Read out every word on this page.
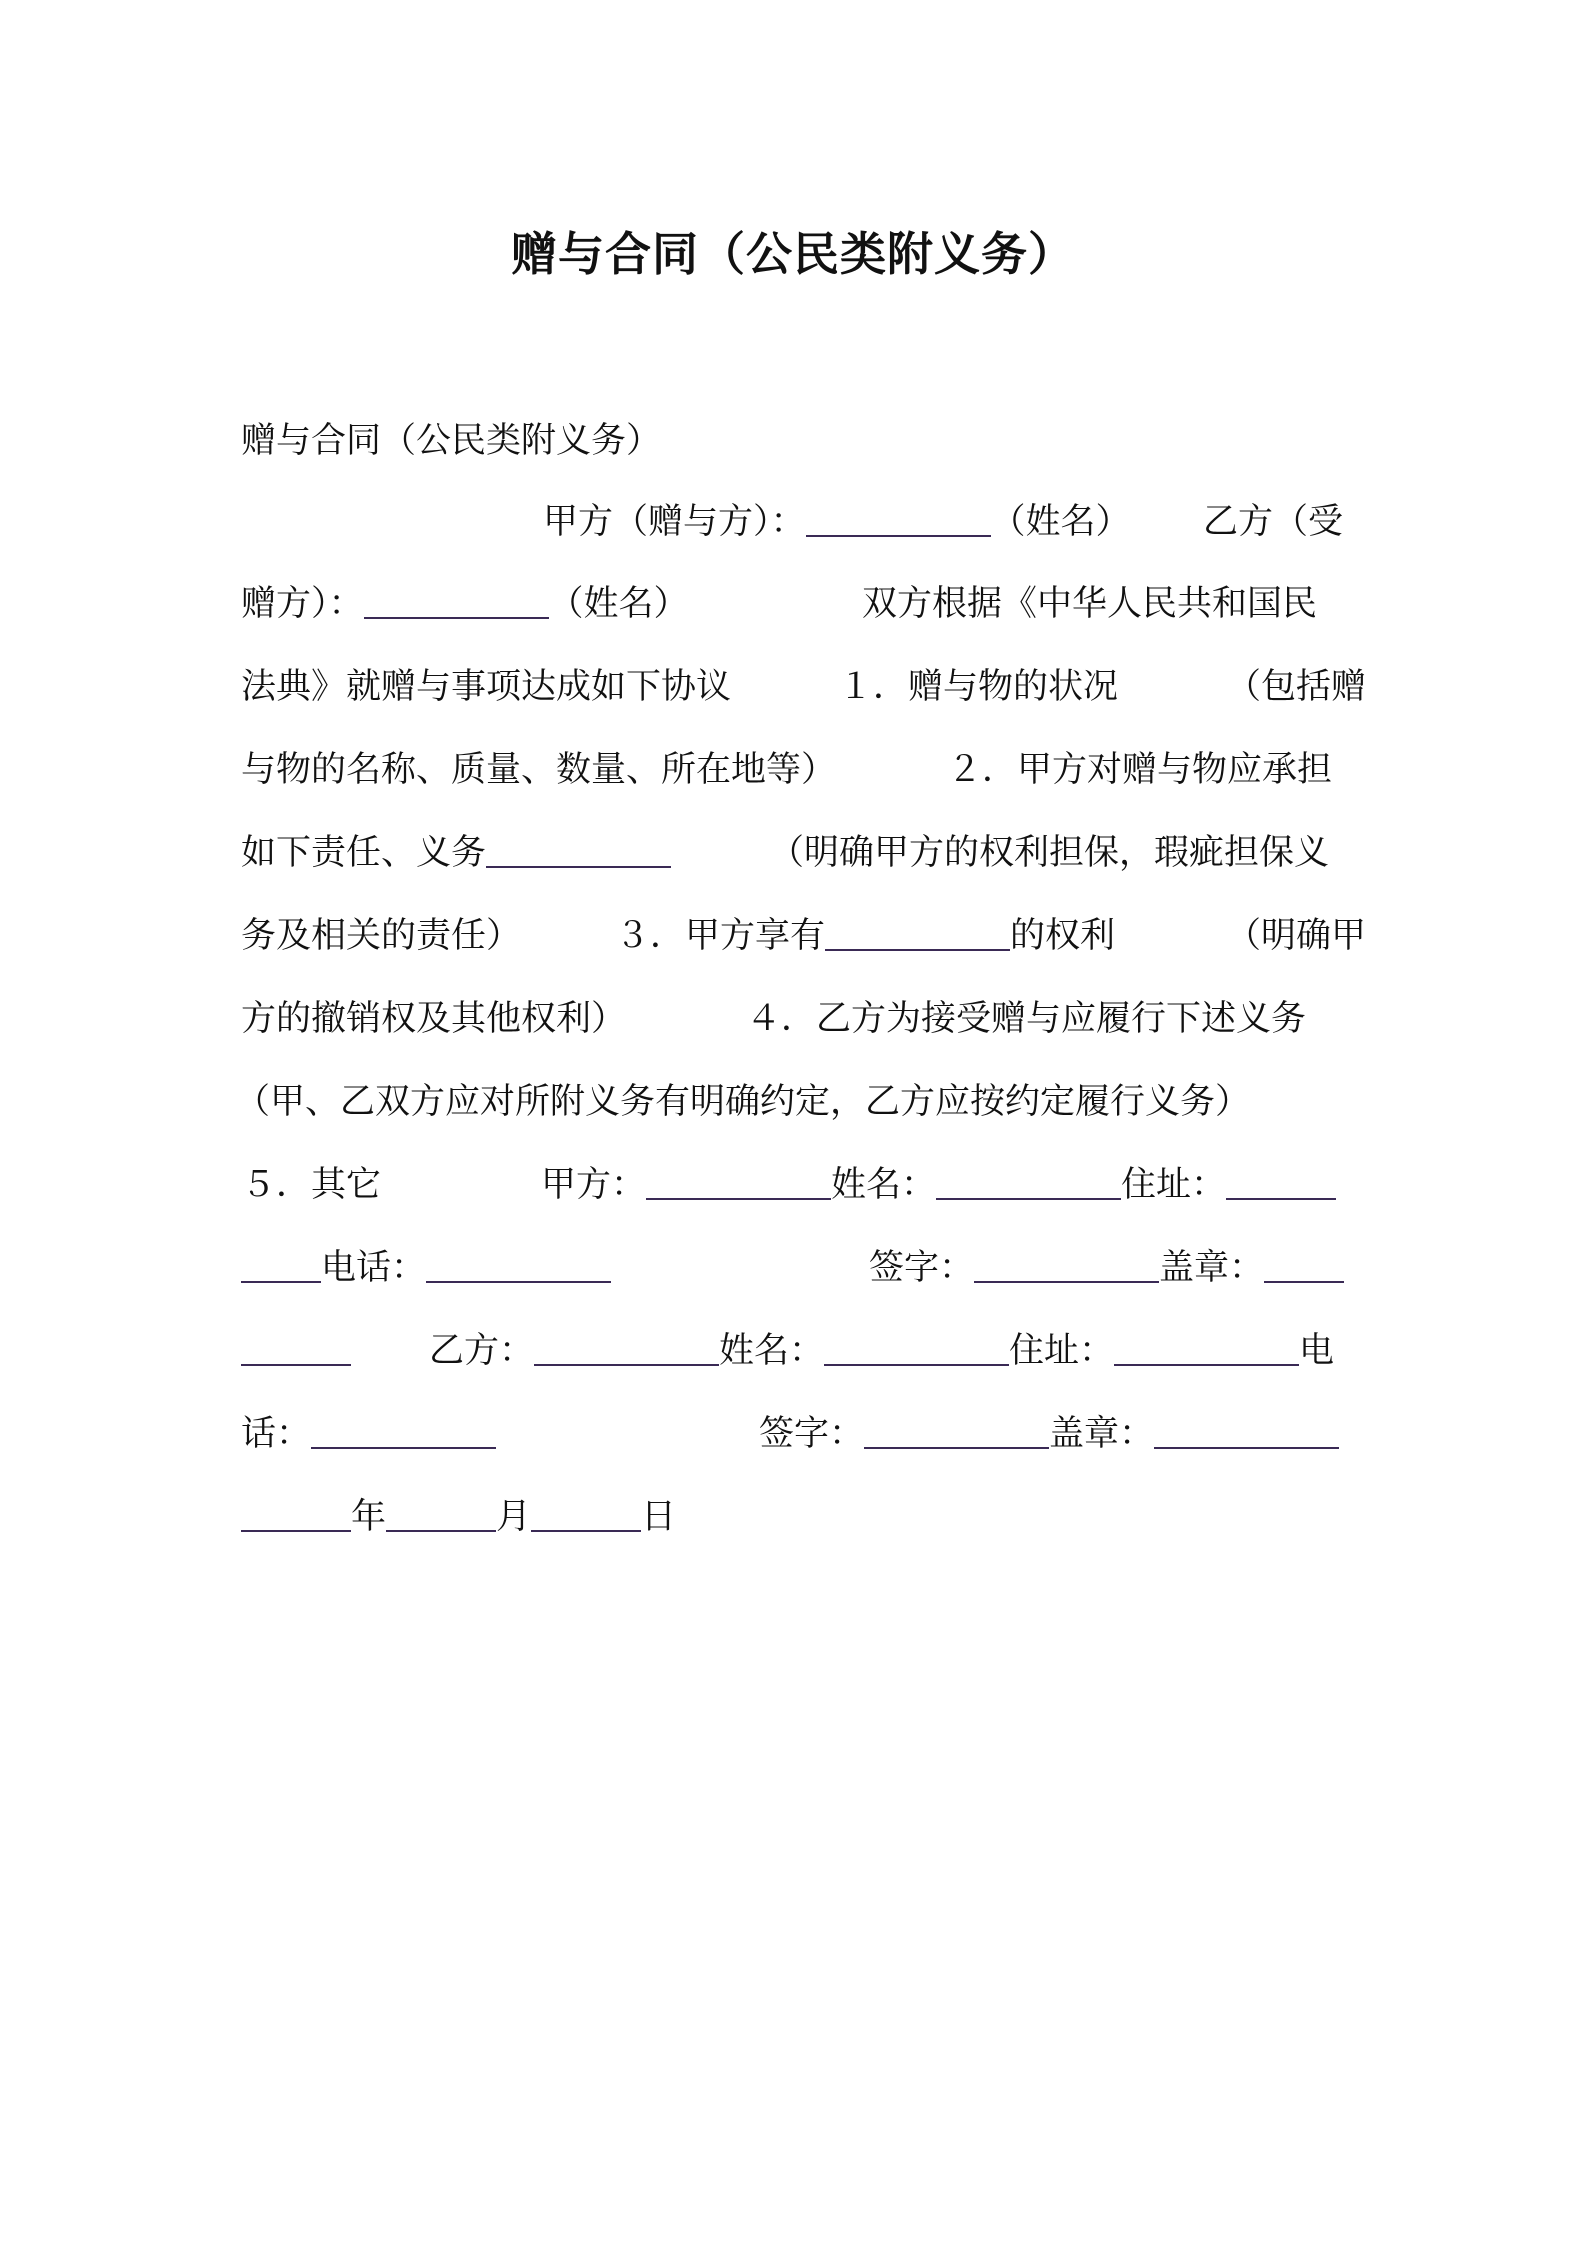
赠与合同（公民类附义务）
赠与合同（公民类附义务）
甲方（赠与方）：	（姓名） 乙方（受
赠方）：	（姓名）	双方根据《中华人民共和国民
法典》就赠与事项达成如下协议	１．赠与物的状况	（包括赠
与物的名称、质量、数量、所在地等）	２．甲方对赠与物应承担
如下责任、义务	（明确甲方的权利担保，瑕疵担保义
务及相关的责任）	３．甲方享有	的权利	（明确甲
方的撤销权及其他权利）	４．乙方为接受赠与应履行下述义务
（甲、乙双方应对所附义务有明确约定，乙方应按约定履行义务）
５．其它	甲方：	姓名：	住址：
电话：	签字：	盖章：
乙方：	姓名：	住址：	电
话：	签字：	盖章：
年	月	日
